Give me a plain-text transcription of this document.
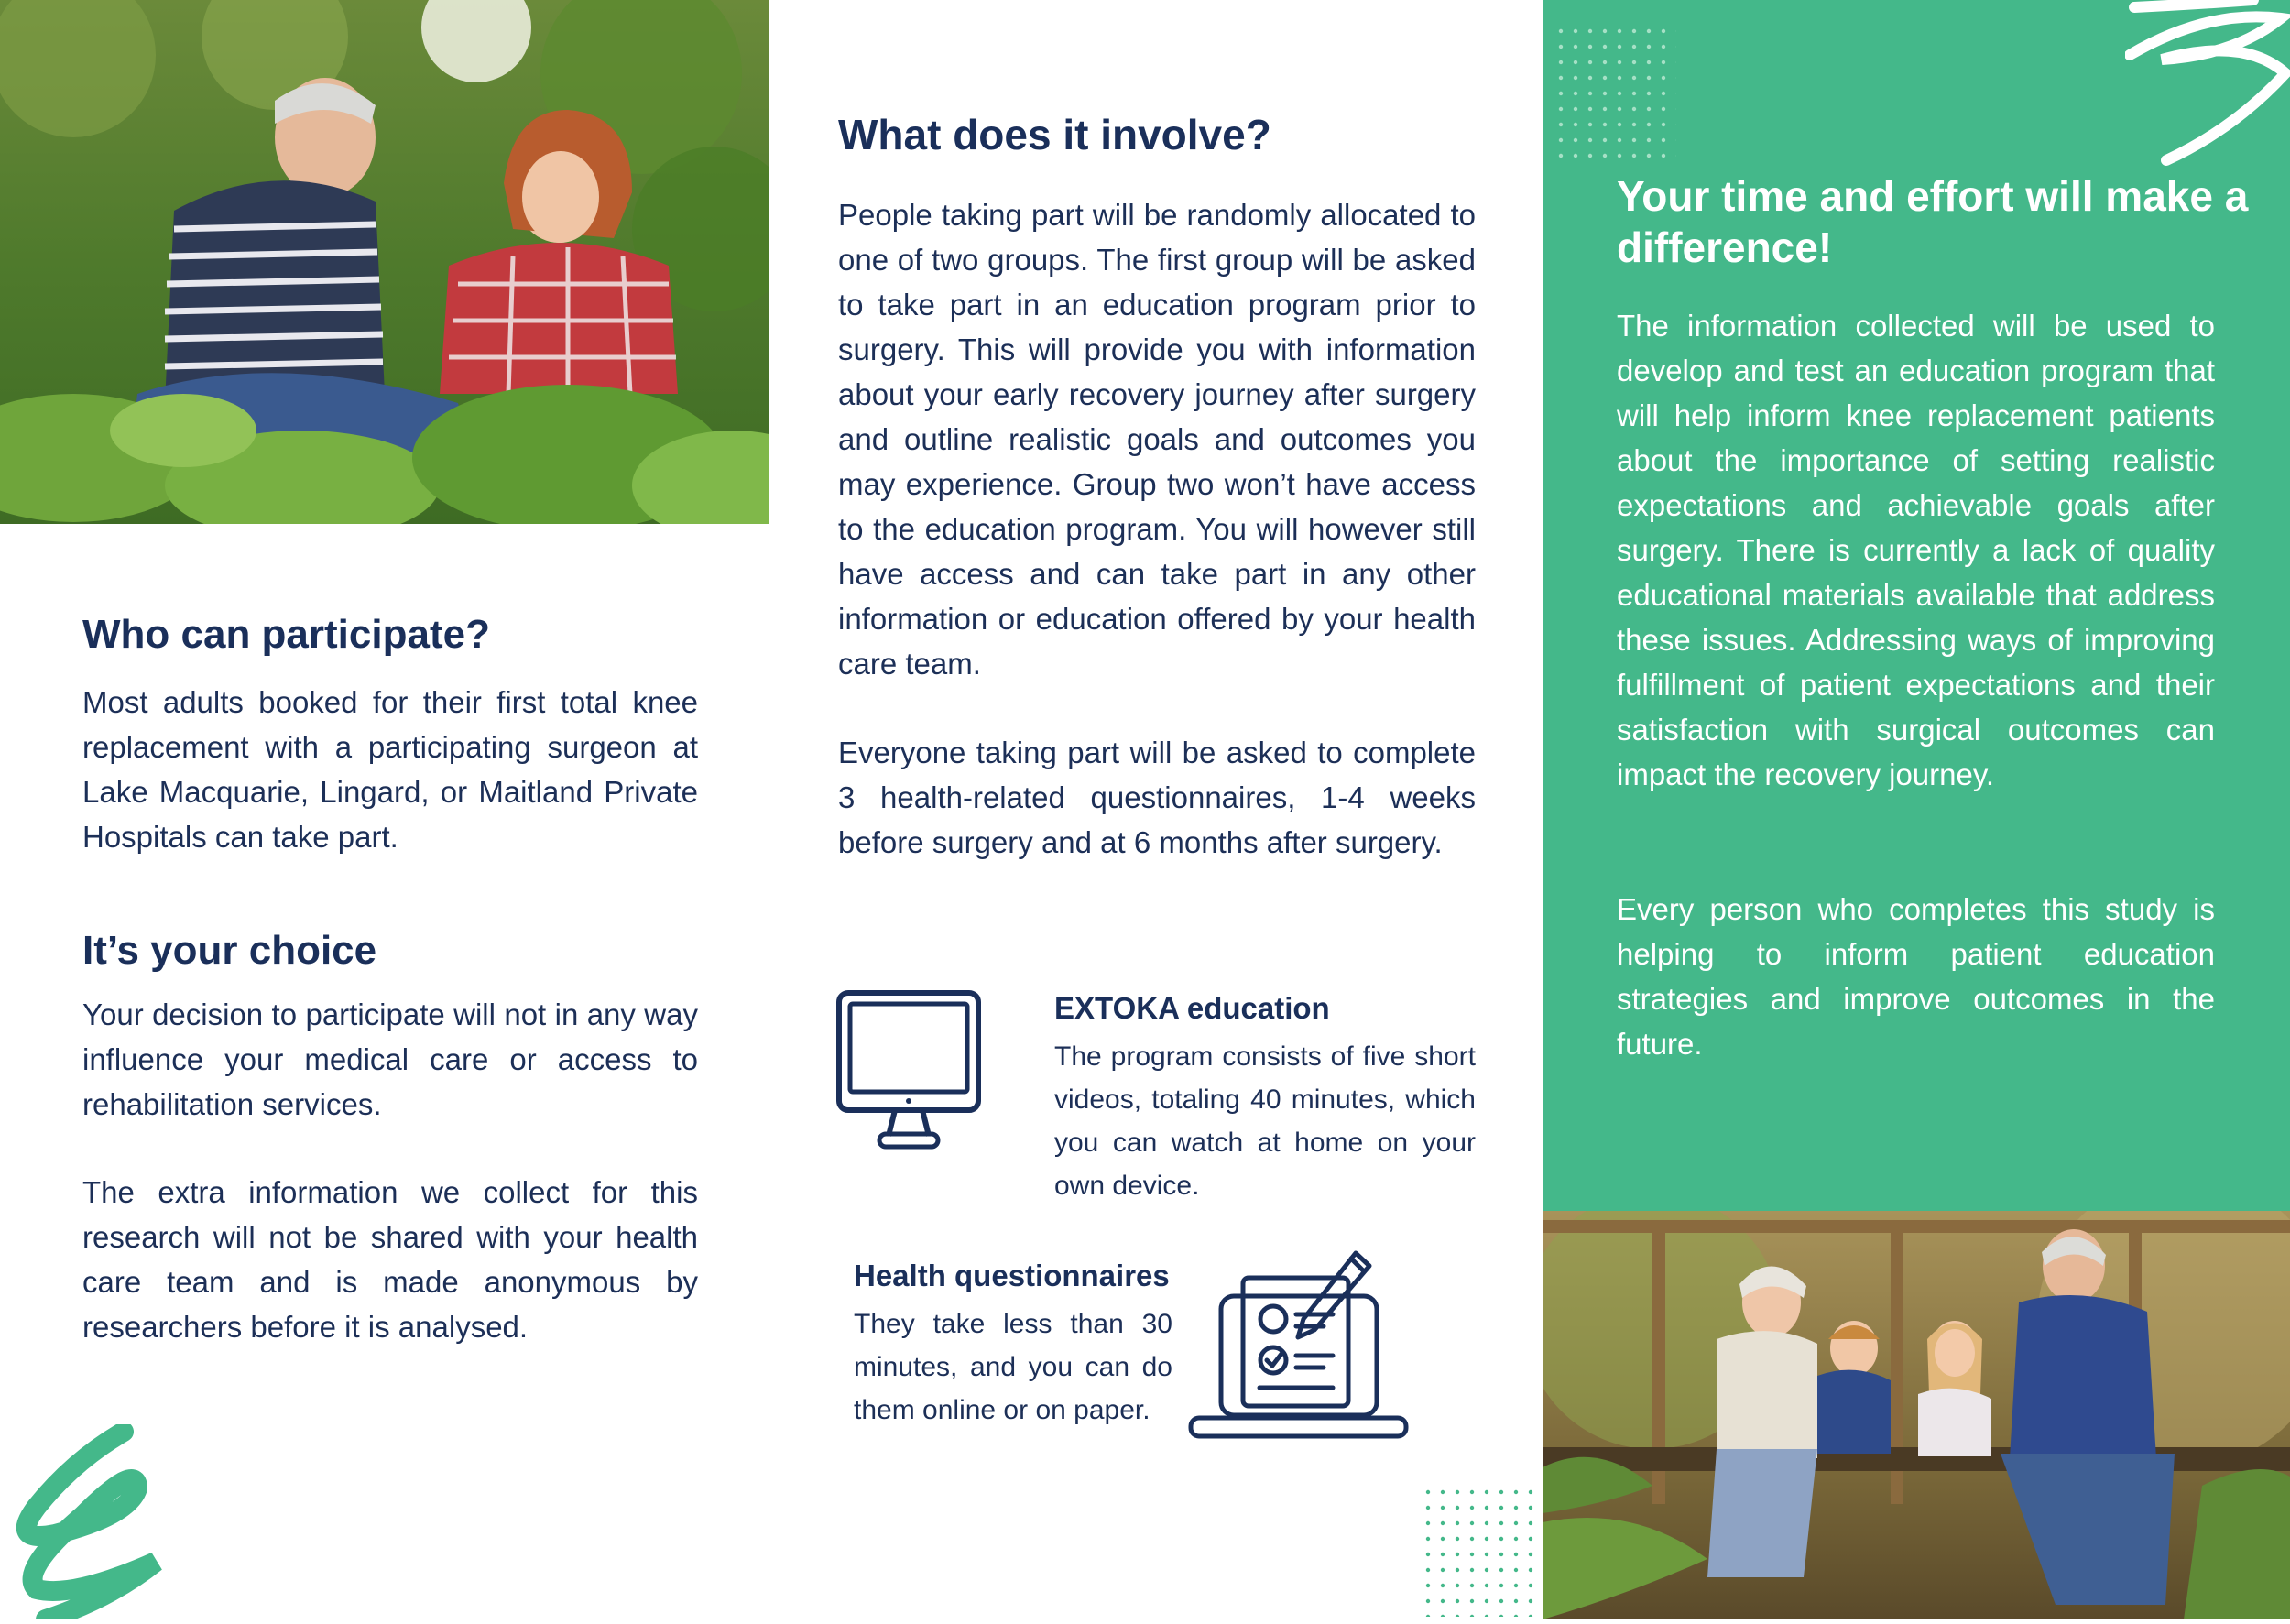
Who can participate?

Most adults booked for their first total knee replacement with a participating surgeon at Lake Macquarie, Lingard, or Maitland Private Hospitals can take part.

It’s your choice

Your decision to participate will not in any way influence your medical care or access to rehabilitation services.

The extra information we collect for this research will not be shared with your health care team and is made anonymous by researchers before it is analysed.

What does it involve?

People taking part will be randomly allocated to one of two groups. The first group will be asked to take part in an education program prior to surgery. This will provide you with information about your early recovery journey after surgery and outline realistic goals and outcomes you may experience. Group two won’t have access to the education program. You will however still have access and can take part in any other information or education offered by your health care team.

Everyone taking part will be asked to complete 3 health-related questionnaires, 1-4 weeks before surgery and at 6 months after surgery.

EXTOKA education

The program consists of five short videos, totaling 40 minutes, which you can watch at home on your own device.

Health questionnaires

They take less than 30 minutes, and you can do them online or on paper.

Your time and effort will make a difference!

The information collected will be used to develop and test an education program that will help inform knee replacement patients about the importance of setting realistic expectations and achievable goals after surgery. There is currently a lack of quality educational materials available that address these issues. Addressing ways of improving fulfillment of patient expectations and their satisfaction with surgical outcomes can impact the recovery journey.

Every person who completes this study is helping to inform patient education strategies and improve outcomes in the future.
